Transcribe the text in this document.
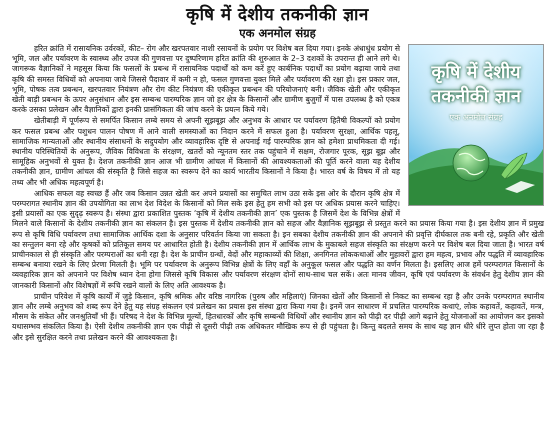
कृषि में देशीय तकनीकी ज्ञान
एक अनमोल संग्रह
कृषि में देशीय
तकनीकी ज्ञान
एक अनमोल संग्रह

हरित क्रांति में रासायनिक उर्वरकों, कीट– रोग और खरपतवार नाशी रसायनों के प्रयोग पर विशेष बल दिया गया। इनके अंधाधुंध प्रयोग से भूमि, जल और पर्यावरण के स्वास्थ्य और उपज की गुणवत्ता पर दुष्परिणाम हरित क्रांति की शुरुआत के 2–3 दशकों के उपरान्त ही आने लगे थे। जागरूक वैज्ञानिकों ने महसूस किया कि फसलों के प्रबन्ध में रासायनिक पदार्थों को कम करें हुए कार्बनिक पदार्थों का प्रयोग बढ़ाया जाये तथा कृषि की समस्त विधियों को अपनाया जाये जिससे पैदावार में कमी न हो, फसल गुणवत्ता युक्त मिले और पर्यावरण की रक्षा हो। इस प्रकार जल, भूमि, पोषक तत्व प्रबन्धन, खरपतवार नियंत्रण और रोग कीट नियंत्रण की एकीकृत प्रबन्धन की परियोजनाएं बनी। जैविक खेती और एकीकृत खेती बाड़ी प्रबन्धन के ऊपर अनुसंधान और इस सम्बन्ध पारम्परिक ज्ञान जो हर क्षेत्र के किसानों और ग्रामीण बुजुर्गों में पास उपलब्ध है को एकत्र करके उसका प्रलेखन और वैज्ञानिकों द्वारा इनकी प्रासंगिकता की जांच करने के प्रयत्न किये गये।

खेतीबाड़ी में पूर्णरूप से समर्पित किसान लम्बे समय से अपनी सूझबूझ और अनुभव के आधार पर पर्यावरण हितैषी विकल्पों को प्रयोग कर फसल प्रबन्ध और पशुधन पालन पोषण में आने वाली समस्याओं का निदान करने में सफल हुआ है। पर्यावरण सुरक्षा, आर्थिक पहलू, सामाजिक मान्यताओं और स्थानीय संसाधनों के सदुपयोग और व्यावहारिक दृष्टि से अपनाई गई पारम्परिक ज्ञान को हमेशा प्राथमिकता दी गई। स्थानीय परिस्थितियों के अनुरूप, जैविक विविधता के संरक्षण, खतरों को न्यूनतम स्तर तक पहुंचाने में सक्षम, रोजगार पूरक, सूझ बूझ और सामूहिक अनुभवों से युक्त है। देशज तकनीकी ज्ञान आज भी ग्रामीण आंचल में किसानों की आवश्यकताओं की पूर्ति करने वाला यह देशीय तकनीकी ज्ञान, ग्रामीण आंचल की संस्कृति है जिसे सहज का स्वरूप देने का कार्य भारतीय किसानों ने किया है। भारत वर्ष के विषय में तो यह तथ्य और भी अधिक महत्वपूर्ण है।

आधिक सफल वह स्वच्छ हैं और जब किसान उन्नत खेती कर अपने प्रयासों का समुचित लाभ उठा सके इस ओर के दौरान कृषि क्षेत्र में परम्परागत स्थानीय ज्ञान की उपयोगिता का लाभ देश विदेश के किसानों को मिल सके इस हेतु हम सभी को इस पर अधिक प्रयास करने चाहिए। इसी प्रयासों का एक सुदृढ़ स्वरूप है। संस्था द्वारा प्रकाशित पुस्तक ‘कृषि में देशीय तकनीकी ज्ञान’ एक पुस्तक है जिसमें देश के विभिन्न क्षेत्रों में मिलने वाले किसानों के देशीय तकनीकी ज्ञान का संकलन है। इस पुस्तक में देशीय तकनीकी ज्ञान को सहज और वैज्ञानिक सूझबूझ से प्रस्तुत करने का प्रयास किया गया है। इस देशीय ज्ञान में प्रमुख रूप से कृषि विधि पर्यावरण तथा सामाजिक आर्थिक दशा के अनुसार परिवर्तन किया जा सकता है। इन सबका देशीय तकनीकी ज्ञान की अपनाने की प्रवृत्ति दीर्घकाल तक बनी रहे, प्रकृति और खेती का सन्तुलन बना रहे और कृषकों को प्रतिकूल समय पर आधारित होती है। देशीय तकनीकी ज्ञान में आर्थिक लाभ के मुकाबले सहज संस्कृति का संरक्षण करने पर विशेष बल दिया जाता है। भारत वर्ष प्राचीनकाल से ही संस्कृति और परम्पराओं का धनी रहा है। देश के प्राचीन ग्रन्थों, वेदों और महाकाव्यों की शिक्षा, अनगिनत लोककथाओं और मुहावरों द्वारा हम महत्व, प्रभाव और पद्धति में व्यावहारिक सम्बन्ध बनाया रखने के लिए प्रेरणा मिलती है। भूमि पर पर्यावरण के अनुरूप विभिन्न क्षेत्रों के लिए वहाँ के अनुकूल फसल और पद्धति का वर्णन मिलता है। इसलिए आज हमें परम्परागत किसानों के व्यवहारिक ज्ञान को अपनाने पर विशेष ध्यान देना होगा जिससे कृषि विकास और पर्यावरण संरक्षण दोनों साथ-साथ चल सकें। अतः मानव जीवन, कृषि एवं पर्यावरण के संवर्धन हेतु देशीय ज्ञान की जानकारी किसानों और विशेषज्ञों में रूचि रखने वालों के लिए अति आवश्यक है।

प्राचीन परिवेश में कृषि कार्यों में जुड़े किसान, कृषि श्रमिक और वरिष्ठ नागरिक (पुरुष और महिलाएं) जिनका खेतों और किसानों से निकट का सम्बन्ध रहा है और उनके परम्परागत स्थानीय ज्ञान और लम्बे अनुभव को शब्द रूप देने हेतु यह संग्रह संकलन एवं प्रलेखन का प्रयास इस संस्था द्वारा किया गया है। इनमें जन साधारण में प्रचलित पारम्परिक कथाएं, लोक कहावतें, कहावतें, मन्त्र, मौसम के संकेत और जनश्रुतियाँ भी हैं। परिषद ने देश के विभिन्न मूल्यों, हितधारकों और कृषि सम्बन्धी विधियों और स्थानीय ज्ञान को पीढ़ी दर पीढ़ी आगे बढ़ाने हेतु योजनाओं का आयोजन कर इसको यथासम्भव संकलित किया है। ऐसी देशीय तकनीकी ज्ञान एक पीढ़ी से दूसरी पीढ़ी तक अधिकतर मौखिक रूप से ही पहुंचता है। किन्तु बदलते समय के साथ यह ज्ञान धीरे धीरे लुप्त होता जा रहा है और इसे सुरक्षित करने तथा प्रलेखन करने की आवश्यकता है।
